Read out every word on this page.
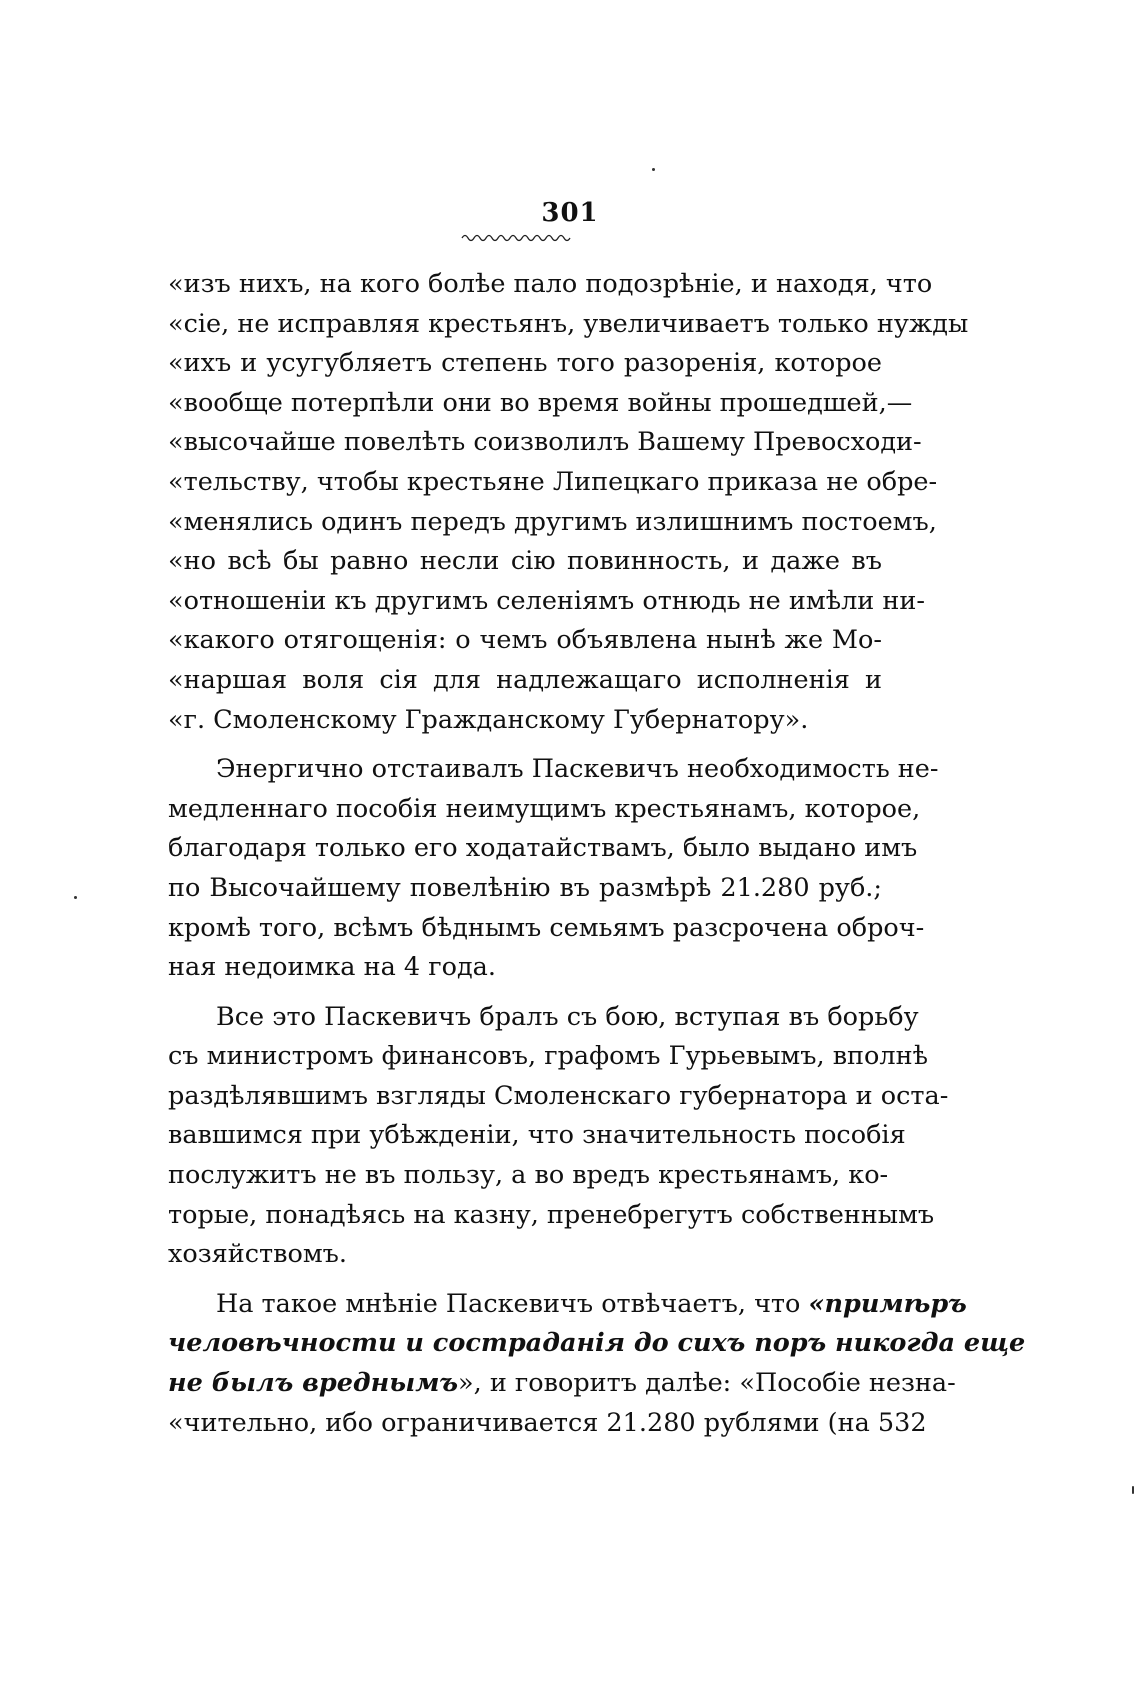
301
«изъ нихъ, на кого болѣе пало подозрѣніе, и находя, что
«сіе, не исправляя крестьянъ, увеличиваетъ только нужды
«ихъ и усугубляетъ степень того разоренія, которое
«вообще потерпѣли они во время войны прошедшей,—
«высочайше повелѣть соизволилъ Вашему Превосходи-
«тельству, чтобы крестьяне Липецкаго приказа не обре-
«менялись одинъ передъ другимъ излишнимъ постоемъ,
«но всѣ бы равно несли сію повинность, и даже въ
«отношеніи къ другимъ селеніямъ отнюдь не имѣли ни-
«какого отягощенія: о чемъ объявлена нынѣ же Мо-
«наршая воля сія для надлежащаго исполненія и
«г. Смоленскому Гражданскому Губернатору».
Энергично отстаивалъ Паскевичъ необходимость не-
медленнаго пособія неимущимъ крестьянамъ, которое,
благодаря только его ходатайствамъ, было выдано имъ
по Высочайшему повелѣнію въ размѣрѣ 21.280 руб.;
кромѣ того, всѣмъ бѣднымъ семьямъ разсрочена оброч-
ная недоимка на 4 года.
Все это Паскевичъ бралъ съ бою, вступая въ борьбу
съ министромъ финансовъ, графомъ Гурьевымъ, вполнѣ
раздѣлявшимъ взгляды Смоленскаго губернатора и оста-
вавшимся при убѣжденіи, что значительность пособія
послужитъ не въ пользу, а во вредъ крестьянамъ, ко-
торые, понадѣясь на казну, пренебрегутъ собственнымъ
хозяйствомъ.
На такое мнѣніе Паскевичъ отвѣчаетъ, что «примѣръ
человѣчности и состраданія до сихъ поръ никогда еще
не былъ вреднымъ», и говоритъ далѣе: «Пособіе незна-
«чительно, ибо ограничивается 21.280 рублями (на 532
